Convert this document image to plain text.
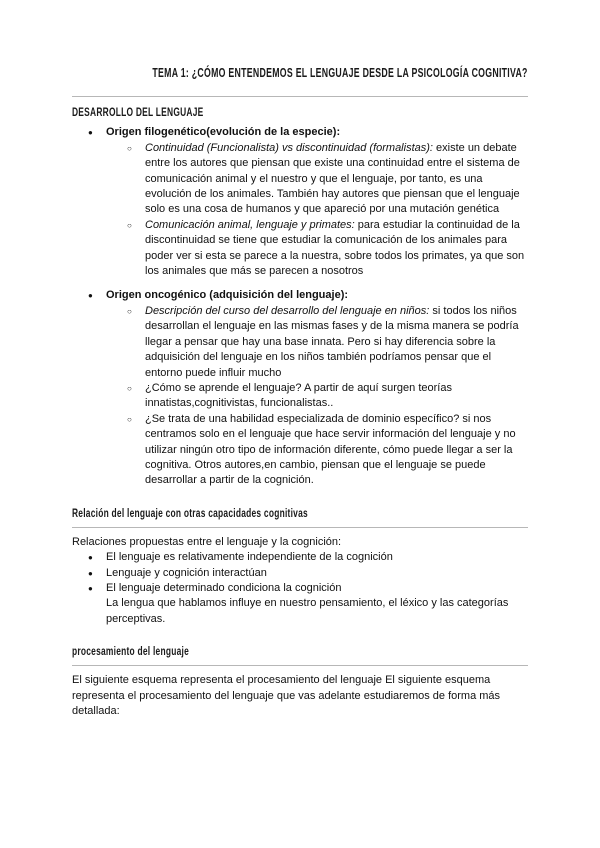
TEMA 1: ¿CÓMO ENTENDEMOS EL LENGUAJE DESDE LA PSICOLOGÍA COGNITIVA?
DESARROLLO DEL LENGUAJE
●	Origen filogenético(evolución de la especie):
○	Continuidad (Funcionalista) vs discontinuidad (formalistas): existe un debate entre los autores que piensan que existe una continuidad entre el sistema de comunicación animal y el nuestro y que el lenguaje, por tanto, es una evolución de los animales. También hay autores que piensan que el lenguaje solo es una cosa de humanos y que apareció por una mutación genética
○	Comunicación animal, lenguaje y primates: para estudiar la continuidad de la discontinuidad se tiene que estudiar la comunicación de los animales para poder ver si esta se parece a la nuestra, sobre todos los primates, ya que son los animales que más se parecen a nosotros
●	Origen oncogénico (adquisición del lenguaje):
○	Descripción del curso del desarrollo del lenguaje en niños: si todos los niños desarrollan el lenguaje en las mismas fases y de la misma manera se podría llegar a pensar que hay una base innata. Pero si hay diferencia sobre la adquisición del lenguaje en los niños también podríamos pensar que el entorno puede influir mucho
○	¿Cómo se aprende el lenguaje? A partir de aquí surgen teorías innatistas,cognitivistas, funcionalistas..
○	¿Se trata de una habilidad especializada de dominio específico? si nos centramos solo en el lenguaje que hace servir información del lenguaje y no utilizar ningún otro tipo de información diferente, cómo puede llegar a ser la cognitiva. Otros autores,en cambio, piensan que el lenguaje se puede desarrollar a partir de la cognición.
Relación del lenguaje con otras capacidades cognitivas
Relaciones propuestas entre el lenguaje y la cognición:
●	El lenguaje es relativamente independiente de la cognición
●	Lenguaje y cognición interactúan
●	El lenguaje determinado condiciona la cognición
La lengua que hablamos influye en nuestro pensamiento, el léxico y las categorías perceptivas.
procesamiento del lenguaje
El siguiente esquema representa el procesamiento del lenguaje El siguiente esquema representa el procesamiento del lenguaje que vas adelante estudiaremos de forma más detallada:
